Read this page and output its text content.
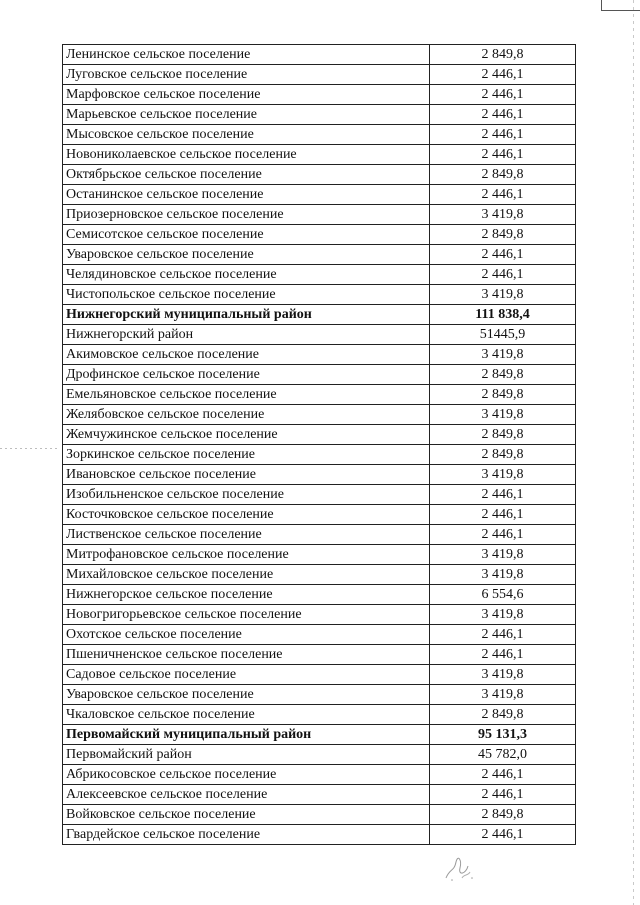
Ленинское сельское поселение	2 849,8
Луговское сельское поселение	2 446,1
Марфовское сельское поселение	2 446,1
Марьевское сельское поселение	2 446,1
Мысовское сельское поселение	2 446,1
Новониколаевское сельское поселение	2 446,1
Октябрьское сельское поселение	2 849,8
Останинское сельское поселение	2 446,1
Приозерновское сельское поселение	3 419,8
Семисотское сельское поселение	2 849,8
Уваровское сельское поселение	2 446,1
Челядиновское сельское поселение	2 446,1
Чистопольское сельское поселение	3 419,8
Нижнегорский муниципальный район	111 838,4
Нижнегорский район	51445,9
Акимовское сельское поселение	3 419,8
Дрофинское сельское поселение	2 849,8
Емельяновское сельское поселение	2 849,8
Желябовское сельское поселение	3 419,8
Жемчужинское сельское поселение	2 849,8
Зоркинское сельское поселение	2 849,8
Ивановское сельское поселение	3 419,8
Изобильненское сельское поселение	2 446,1
Косточковское сельское поселение	2 446,1
Лиственское сельское поселение	2 446,1
Митрофановское сельское поселение	3 419,8
Михайловское сельское поселение	3 419,8
Нижнегорское сельское поселение	6 554,6
Новогригорьевское сельское поселение	3 419,8
Охотское сельское поселение	2 446,1
Пшеничненское сельское поселение	2 446,1
Садовое сельское поселение	3 419,8
Уваровское сельское поселение	3 419,8
Чкаловское сельское поселение	2 849,8
Первомайский муниципальный район	95 131,3
Первомайский район	45 782,0
Абрикосовское сельское поселение	2 446,1
Алексеевское сельское поселение	2 446,1
Войковское сельское поселение	2 849,8
Гвардейское сельское поселение	2 446,1
